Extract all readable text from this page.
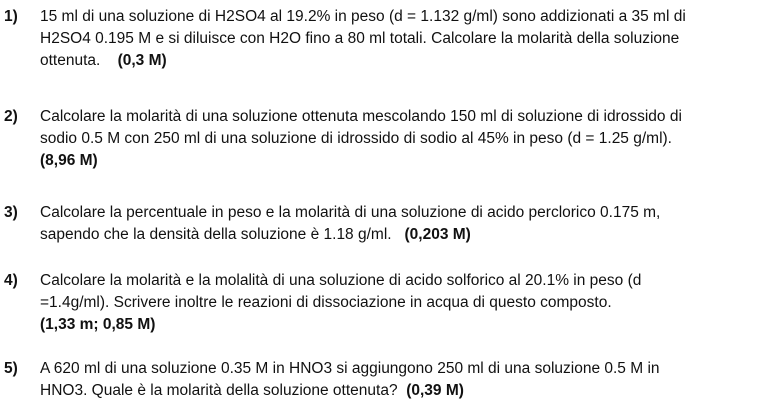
1) 15 ml di una soluzione di H2SO4 al 19.2% in peso (d = 1.132 g/ml) sono addizionati a 35 ml di
H2SO4 0.195 M e si diluisce con H2O fino a 80 ml totali. Calcolare la molarità della soluzione
ottenuta. (0,3 M)
2) Calcolare la molarità di una soluzione ottenuta mescolando 150 ml di soluzione di idrossido di
sodio 0.5 M con 250 ml di una soluzione di idrossido di sodio al 45% in peso (d = 1.25 g/ml).
(8,96 M)
3) Calcolare la percentuale in peso e la molarità di una soluzione di acido perclorico 0.175 m,
sapendo che la densità della soluzione è 1.18 g/ml. (0,203 M)
4) Calcolare la molarità e la molalità di una soluzione di acido solforico al 20.1% in peso (d
=1.4g/ml). Scrivere inoltre le reazioni di dissociazione in acqua di questo composto.
(1,33 m; 0,85 M)
5) A 620 ml di una soluzione 0.35 M in HNO3 si aggiungono 250 ml di una soluzione 0.5 M in
HNO3. Quale è la molarità della soluzione ottenuta? (0,39 M)
